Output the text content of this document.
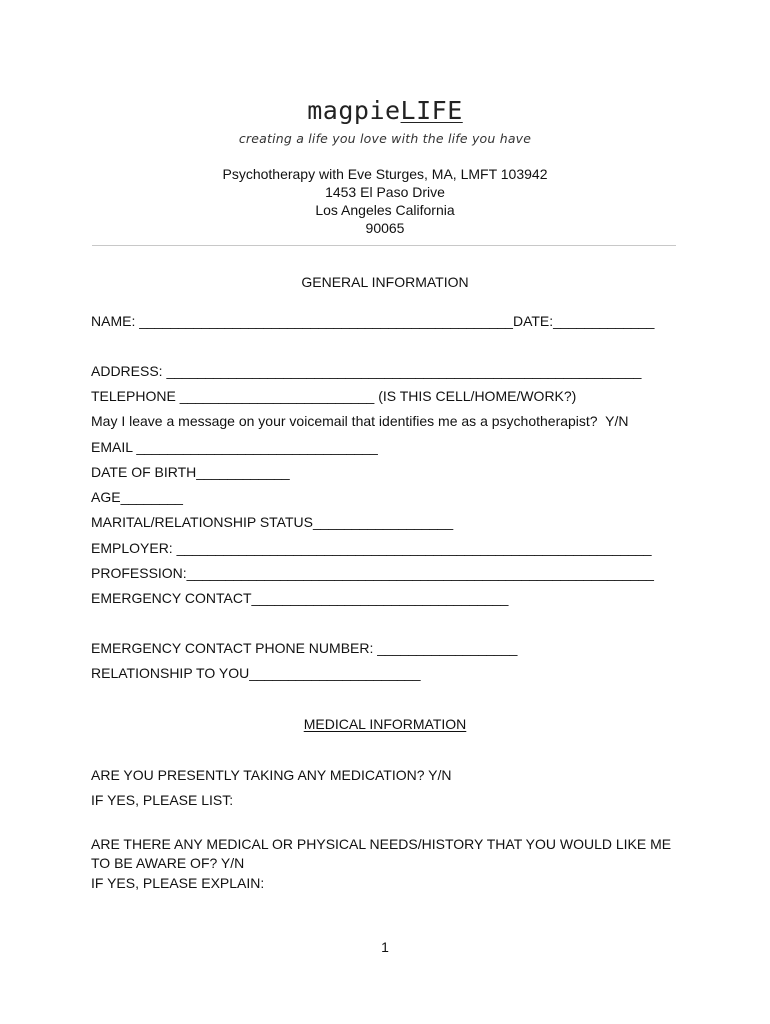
magpieLIFE
creating a life you love with the life you have
Psychotherapy with Eve Sturges, MA, LMFT 103942
1453 El Paso Drive
Los Angeles California
90065
GENERAL INFORMATION
NAME: ________________________________________________DATE:_____________
ADDRESS: _____________________________________________________________
TELEPHONE _________________________ (IS THIS CELL/HOME/WORK?)
May I leave a message on your voicemail that identifies me as a psychotherapist?  Y/N
EMAIL _______________________________
DATE OF BIRTH____________
AGE________
MARITAL/RELATIONSHIP STATUS__________________
EMPLOYER: _____________________________________________________________
PROFESSION:____________________________________________________________
EMERGENCY CONTACT_________________________________
EMERGENCY CONTACT PHONE NUMBER: __________________
RELATIONSHIP TO YOU______________________
MEDICAL INFORMATION
ARE YOU PRESENTLY TAKING ANY MEDICATION? Y/N
IF YES, PLEASE LIST:
ARE THERE ANY MEDICAL OR PHYSICAL NEEDS/HISTORY THAT YOU WOULD LIKE ME
TO BE AWARE OF? Y/N
IF YES, PLEASE EXPLAIN:
1
